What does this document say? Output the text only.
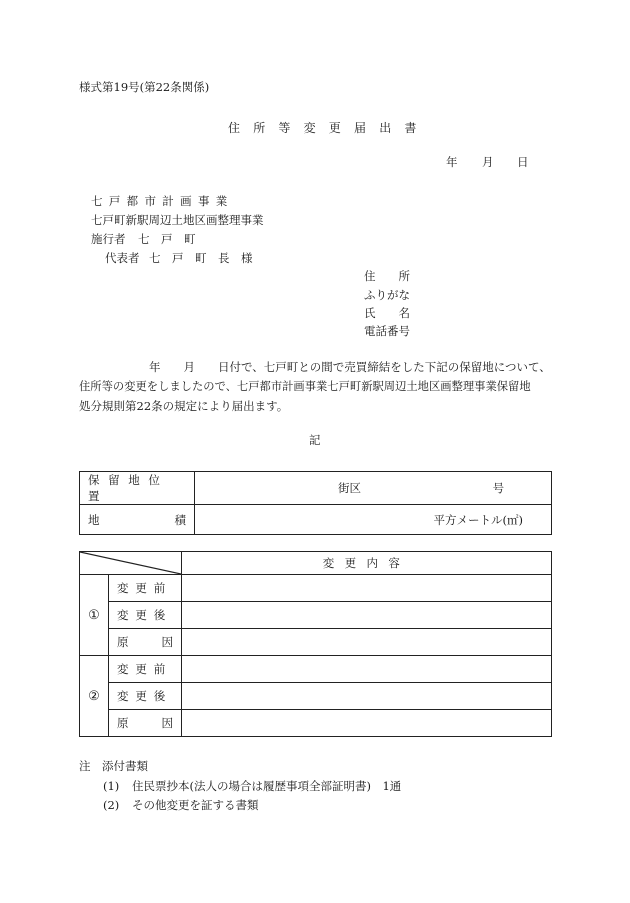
様式第19号(第22条関係)
住所等変更届出書
年 月 日
七戸都市計画事業
七戸町新駅周辺土地区画整理事業
施行者 七　戸　町
代表者 七　戸　町　長　様
住　　所
ふりがな
氏　　名
電話番号
年　　月　　日付で、七戸町との間で売買締結をした下記の保留地について、
住所等の変更をしましたので、七戸都市計画事業七戸町新駅周辺土地区画整理事業保留地
処分規則第22条の規定により届出ます。
記
保留地位置	街区 号

地 積	平方メートル(㎡)
	変更内容
①	変更前	
	変更後	

	原 因	

②	変更前	
	変更後	

	原 因	

注　添付書類
(1) 住民票抄本(法人の場合は履歴事項全部証明書)　1通
(2) その他変更を証する書類
